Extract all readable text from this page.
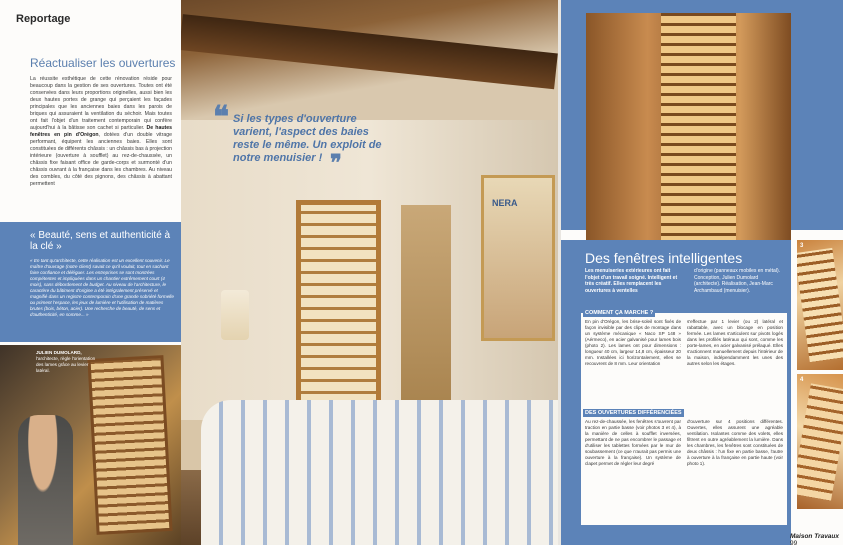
Reportage
Réactualiser les ouvertures
La réussite esthétique de cette rénovation réside pour beaucoup dans la gestion de ses ouvertures. Toutes ont été conservées dans leurs proportions originelles, aussi bien les deux hautes portes de grange qui perçaient les façades principales que les anciennes baies dans les parois de briques qui assuraient la ventilation du séchoir. Mais toutes ont fait l'objet d'un traitement contemporain qui confère aujourd'hui à la bâtisse son cachet si particulier. De hautes fenêtres en pin d'Orégon, dotées d'un double vitrage performant, équipent les anciennes baies. Elles sont constituées de différents châssis : un châssis bas à projection intérieure (ouverture à soufflet) au rez-de-chaussée, un châssis fixe faisant office de garde-corps et surmonté d'un châssis ouvrant à la française dans les chambres. Au niveau des combles, du côté des pignons, des châssis à abattant permettent
« Beauté, sens et authenticité à la clé »
« En tant qu'architecte, cette réalisation est un excellent souvenir. Le maître d'ouvrage (notre client) savait ce qu'il voulait, tout en sachant faire confiance et déléguer. Les entreprises se sont montrées compétentes et impliquées dans un chantier extrêmement court (4 mois), sans débordement de budget. Au niveau de l'architecture, le caractère du bâtiment d'origine a été intégralement préservé et magnifié dans un registre contemporain d'une grande sobriété formelle ou priment l'espace, les jeux de lumière et l'utilisation de matières brutes (bois, béton, acier). Une recherche de beauté, de sens et d'authenticité, en somme... »
JULIEN DUMOLARD,
l'architecte, règle l'orientation des lames grâce au levier latéral.
NERA
❝ Si les types d'ouverture varient, l'aspect des baies reste le même. Un exploit de notre menuisier ! ❞
Des fenêtres intelligentes
Les menuiseries extérieures ont fait l'objet d'un travail soigné. Intelligent et très créatif. Elles remplacent les ouvertures à ventelles
d'origine (panneaux mobiles en métal). Conception, Julien Dumolard (architecte). Réalisation, Jean-Marc Archambaud (menuisier).
COMMENT ÇA MARCHE ?
En pin d'Orégon, les brise-soleil sont fixés de façon invisible par des clips de montage dans un système mécanique « Naco SP 148 » (Aérmeco), en acier galvanisé pour lames bois (photo 2). Les lames ont pour dimensions : longueur 40 cm, largeur 14,8 cm, épaisseur 20 mm. Installées ici horizontalement, elles se recouvrent de 8 mm. Leur orientation
s'effectue par 1 levier (ou 2) latéral et rabattable, avec un blocage en position fermée. Les lames s'articulent sur pivots logés dans les profilés latéraux qui sont, comme les porte-lames, en acier galvanisé prélaqué. Elles s'actionnent manuellement depuis l'intérieur de la maison, indépendamment les unes des autres selon les étages.
DES OUVERTURES DIFFÉRENCIÉES
Au rez-de-chaussée, les fenêtres s'ouvrent par traction en partie basse (voir photos 3 et 4), à la manière de celles à soufflet inversées, permettant de ne pas encombrer le passage et d'utiliser les tablettes formées par le mur de soubassement (ce que n'aurait pas permis une ouverture à la française). Un système de clapet permet de régler leur degré
d'ouverture sur 4 positions différentes. Ouvertes, elles assurent une agréable ventilation. Isolantes comme des volets, elles filtrent en outre agréablement la lumière. Dans les chambres, les fenêtres sont constituées de deux châssis : l'un fixe en partie basse, l'autre à ouverture à la française en partie haute (voir photo 1).
3
4
Maison Travaux 99
